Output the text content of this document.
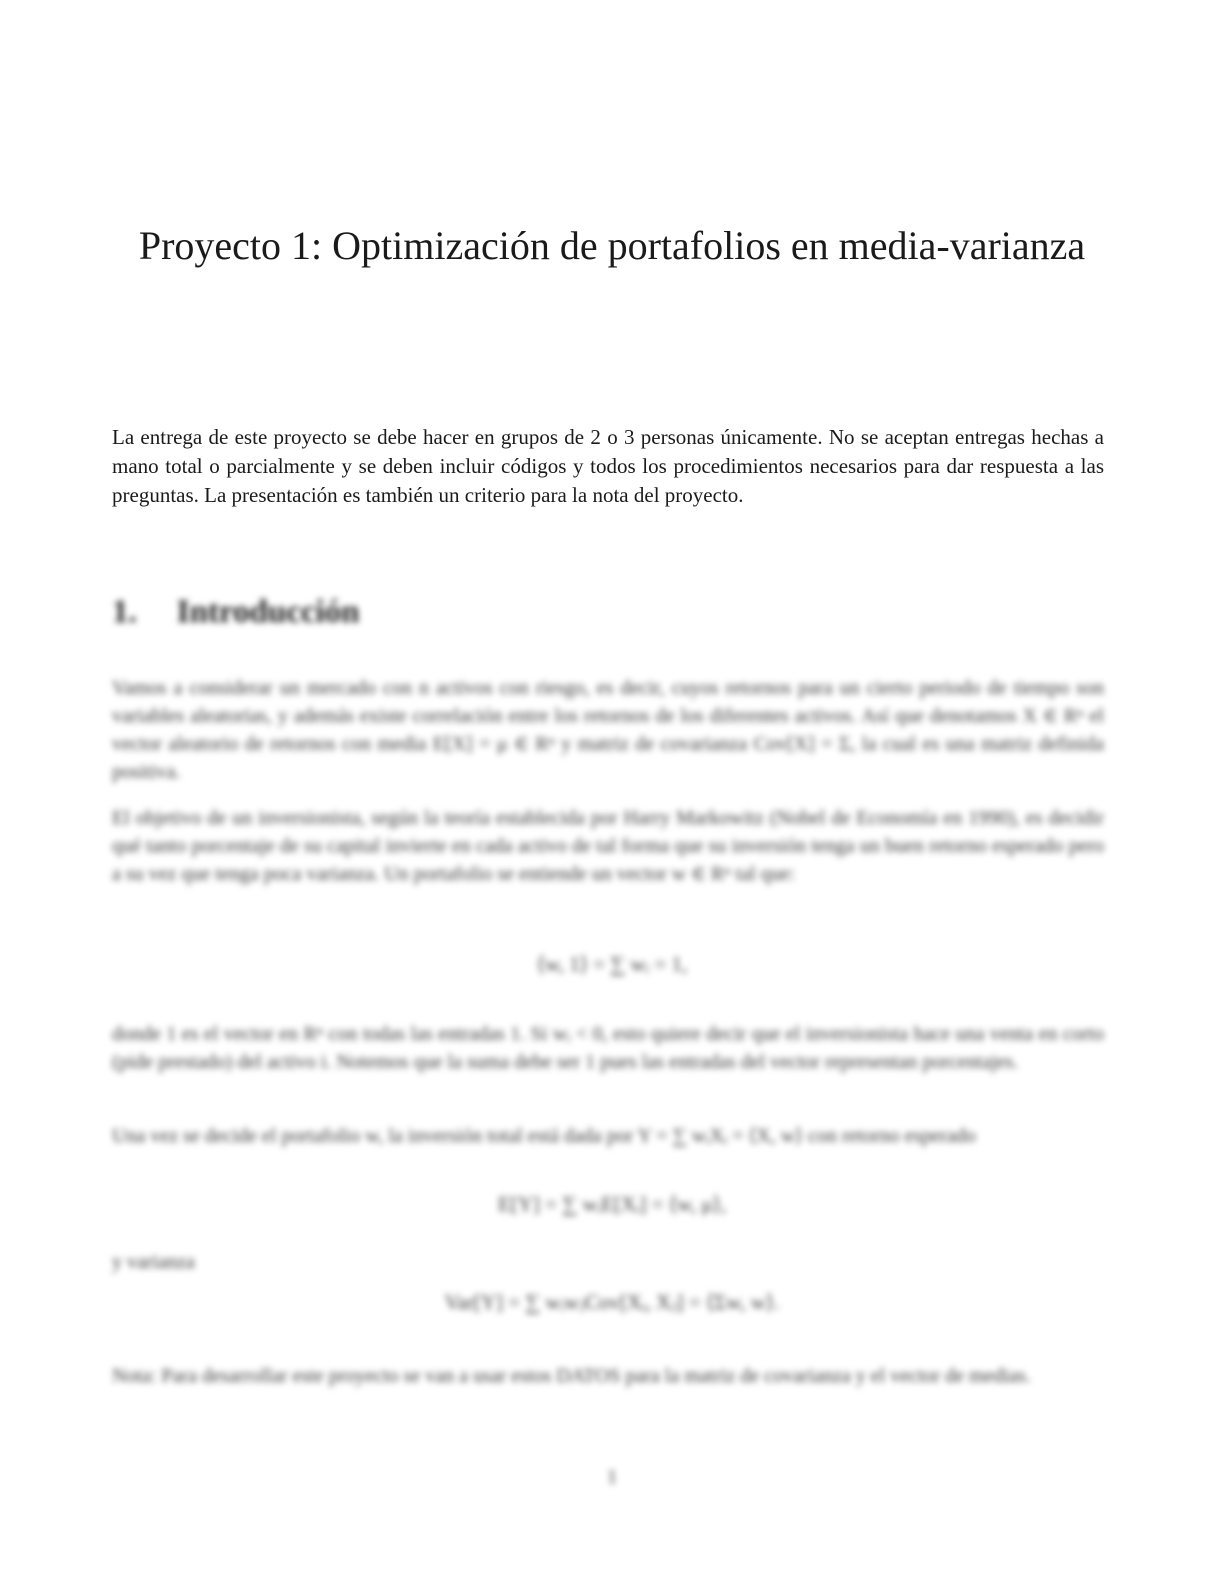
Proyecto 1: Optimización de portafolios en media-varianza

La entrega de este proyecto se debe hacer en grupos de 2 o 3 personas únicamente. No se aceptan entregas hechas a mano total o parcialmente y se deben incluir códigos y todos los procedimientos necesarios para dar respuesta a las preguntas. La presentación es también un criterio para la nota del proyecto.

1. Introducción

Vamos a considerar un mercado con n activos con riesgo, es decir, cuyos retornos para un cierto periodo de tiempo son variables aleatorias, y además existe correlación entre los retornos de los diferentes activos. Así que denotamos X ∈ Rⁿ el vector aleatorio de retornos con media E[X] = μ ∈ Rⁿ y matriz de covarianza Cov[X] = Σ, la cual es una matriz definida positiva.

El objetivo de un inversionista, según la teoría establecida por Harry Markowitz (Nobel de Economía en 1990), es decidir qué tanto porcentaje de su capital invierte en cada activo de tal forma que su inversión tenga un buen retorno esperado pero a su vez que tenga poca varianza. Un portafolio se entiende un vector w ∈ Rⁿ tal que:

⟨w, 1⟩ = ∑ wᵢ = 1,

donde 1 es el vector en Rⁿ con todas las entradas 1. Si wᵢ < 0, esto quiere decir que el inversionista hace una venta en corto (pide prestado) del activo i. Notemos que la suma debe ser 1 pues las entradas del vector representan porcentajes.

Una vez se decide el portafolio w, la inversión total está dada por Y = ∑ wᵢXᵢ = ⟨X, w⟩ con retorno esperado

E[Y] = ∑ wᵢE[Xᵢ] = ⟨w, μ⟩,

y varianza

Var[Y] = ∑ wᵢwⱼCov[Xᵢ, Xⱼ] = ⟨Σw, w⟩.

Nota: Para desarrollar este proyecto se van a usar estos DATOS para la matriz de covarianza y el vector de medias.

1
